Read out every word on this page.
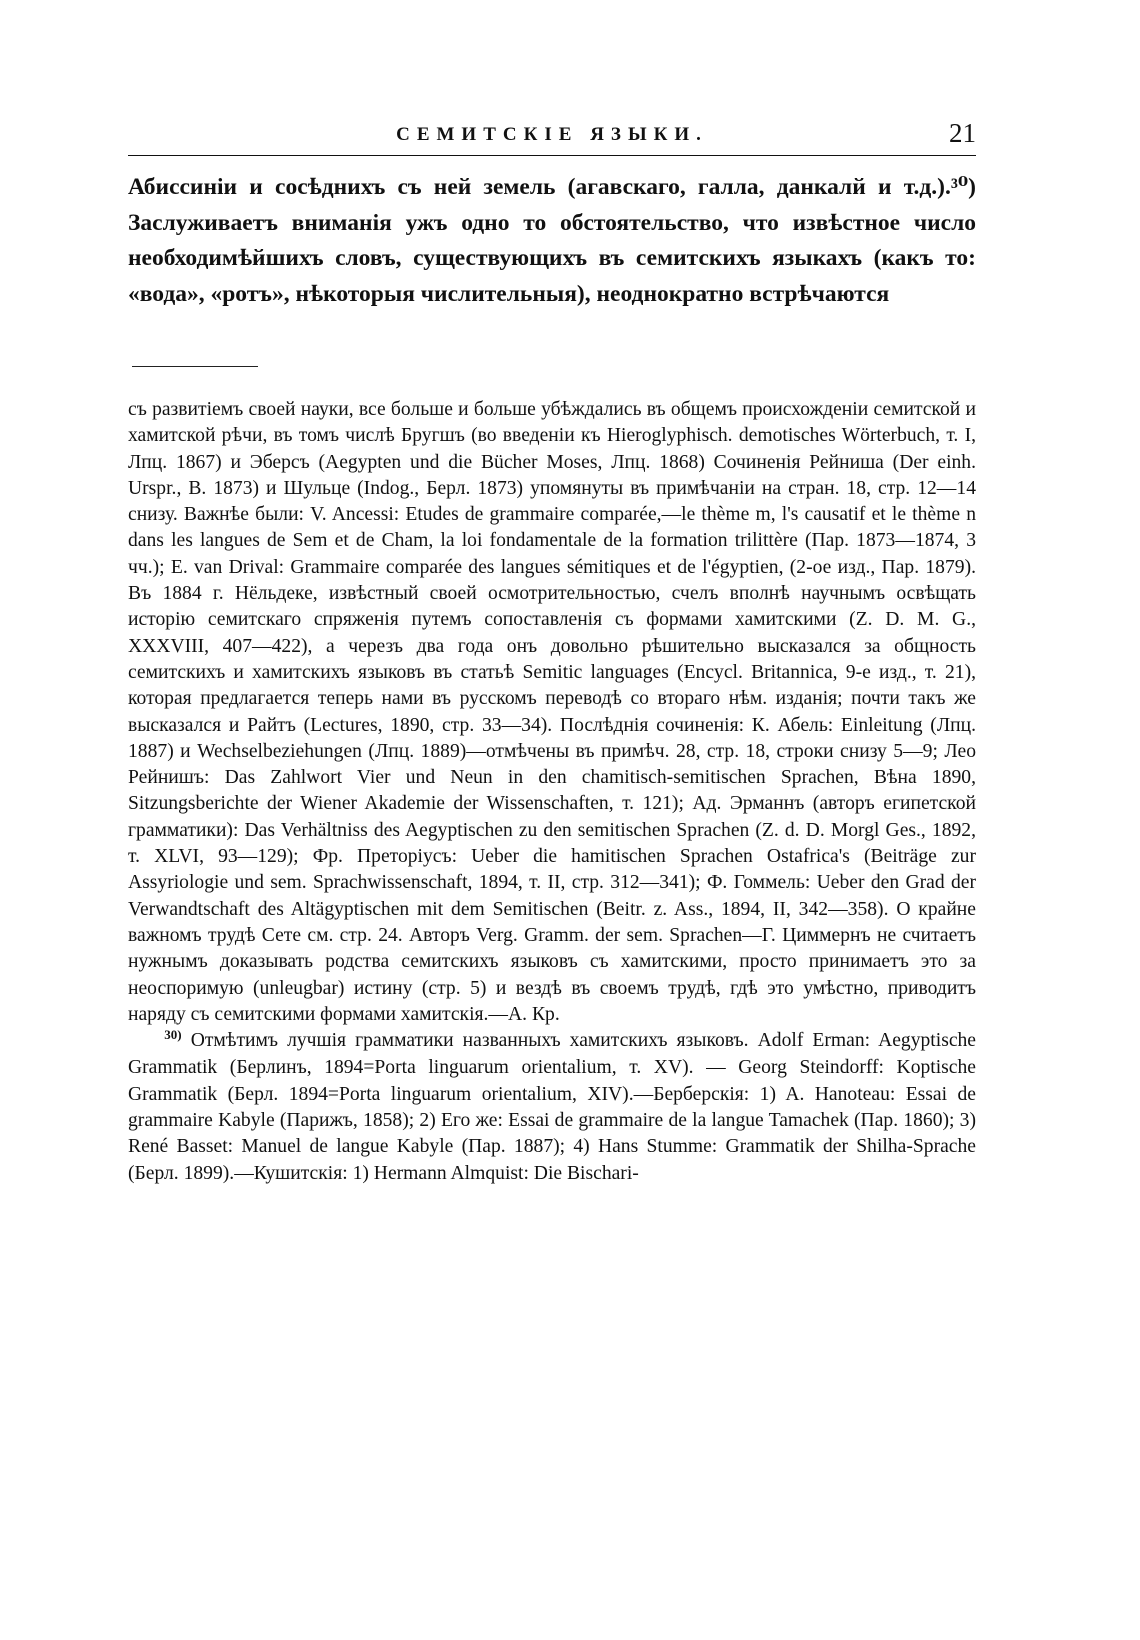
СЕМИТСКІЕ ЯЗЫКИ.	21

Абиссиніи и сосѣднихъ съ ней земель (агавскаго, галла, данкалй и т.д.).³⁰) Заслуживаетъ вниманія ужъ одно то обстоятельство, что извѣстное число необходимѣйшихъ словъ, существующихъ въ семитскихъ языкахъ (какъ то: «вода», «ротъ», нѣкоторыя числительныя), неоднократно встрѣчаются

съ развитіемъ своей науки, все больше и больше убѣждались въ общемъ происхожденіи семитской и хамитской рѣчи, въ томъ числѣ Бругшъ (во введеніи къ Hieroglyphisch. demotisches Wörterbuch, т. I, Лпц. 1867) и Эберсъ (Aegypten und die Bücher Moses, Лпц. 1868) Сочиненія Рейнишa (Der einh. Urspr., В. 1873) и Шульце (Indog., Берл. 1873) упомянуты въ примѣчаніи на стран. 18, стр. 12—14 снизу. Важнѣе были: V. Ancessi: Etudes de grammaire comparée,—le thème m, l's causatif et le thème n dans les langues de Sem et de Cham, la loi fondamentale de la formation trilittère (Пар. 1873—1874, 3 чч.); E. van Drival: Grammaire comparée des langues sémitiques et de l'égyptien, (2-ое изд., Пар. 1879). Въ 1884 г. Нёльдеке, извѣстный своей осмотрительностью, счелъ вполнѣ научнымъ освѣщать исторію семитскаго спряженія путемъ сопоставленія съ формами хамитскими (Z. D. M. G., XXXVIII, 407—422), а черезъ два года онъ довольно рѣшительно высказался за общность семитскихъ и хамитскихъ языковъ въ статьѣ Semitic languages (Encycl. Britannica, 9-е изд., т. 21), которая предлагается теперь нами въ русскомъ переводѣ со втораго нѣм. изданія; почти такъ же высказался и Райтъ (Lectures, 1890, стр. 33—34). Послѣднія сочиненія: К. Абель: Einleitung (Лпц. 1887) и Wechselbeziehungen (Лпц. 1889)—отмѣчены въ примѣч. 28, стр. 18, строки снизу 5—9; Лео Рейнишъ: Das Zahlwort Vier und Neun in den chamitisch-semitischen Sprachen, Вѣна 1890, Sitzungsberichte der Wiener Akademie der Wissenschaften, т. 121); Ад. Эрманнъ (авторъ египетской грамматики): Das Verhältniss des Aegyptischen zu den semitischen Sprachen (Z. d. D. Morgl Ges., 1892, т. XLVI, 93—129); Фр. Преторіусъ: Ueber die hamitischen Sprachen Ostafrica's (Beiträge zur Assyriologie und sem. Sprachwissenschaft, 1894, т. II, стр. 312—341); Ф. Гоммель: Ueber den Grad der Verwandtschaft des Altägyptischen mit dem Semitischen (Beitr. z. Ass., 1894, II, 342—358). О крайне важномъ трудѣ Сете см. стр. 24. Авторъ Verg. Gramm. der sem. Sprachen—Г. Циммернъ не считаетъ нужнымъ доказывать родства семитскихъ языковъ съ хамитскими, просто принимаетъ это за неоспоримую (unleugbar) истину (стр. 5) и вездѣ въ своемъ трудѣ, гдѣ это умѣстно, приводитъ наряду съ семитскими формами хамитскія.—А. Кр.

$^{30)}$ Отмѣтимъ лучшія грамматики названныхъ хамитскихъ языковъ. Adolf Erman: Aegyptische Grammatik (Берлинъ, 1894=Porta linguarum orientalium, т. XV). — Georg Steindorff: Koptische Grammatik (Берл. 1894=Porta linguarum orientalium, XIV).—Берберскія: 1) A. Hanoteau: Essai de grammaire Kabyle (Парижъ, 1858); 2) Его же: Essai de grammaire de la langue Tamachek (Пар. 1860); 3) René Basset: Manuel de langue Kabyle (Пар. 1887); 4) Hans Stumme: Grammatik der Shilha-Sprache (Берл. 1899).—Кушитскія: 1) Hermann Almquist: Die Bischari-
